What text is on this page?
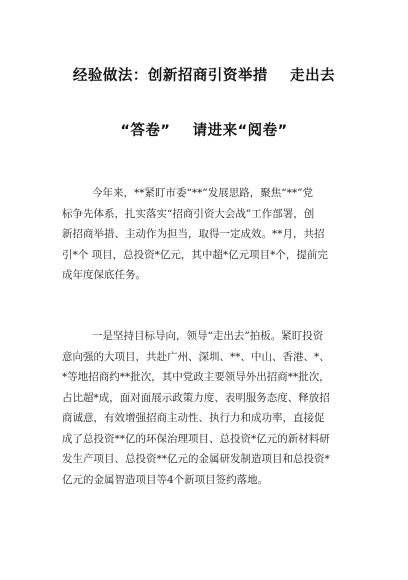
经验做法：创新招商引资举措    走出去
“答卷”    请进来“阅卷”
今年来，**紧盯市委“**”发展思路，聚焦“**”党
标争先体系，扎实落实“招商引资大会战”工作部署，创
新招商举措、主动作为担当，取得一定成效。**月，共招
引*个 项目，总投资*亿元，其中超*亿元项目*个，提前完
成年度保底任务。
一是坚持目标导向，领导“走出去”拍板。紧盯投资
意向强的大项目，共赴广州、深圳、**、中山、香港、*、
*等地招商约**批次，其中党政主要领导外出招商**批次，
占比超*成，面对面展示政策力度、表明服务态度、释放招
商诚意，有效增强招商主动性、执行力和成功率，直接促
成了总投资**亿的环保治理项目、总投资*亿元的新材料研
发生产项目、总投资**亿元的金属研发制造项目和总投资*
亿元的金属智造项目等4个新项目签约落地。
